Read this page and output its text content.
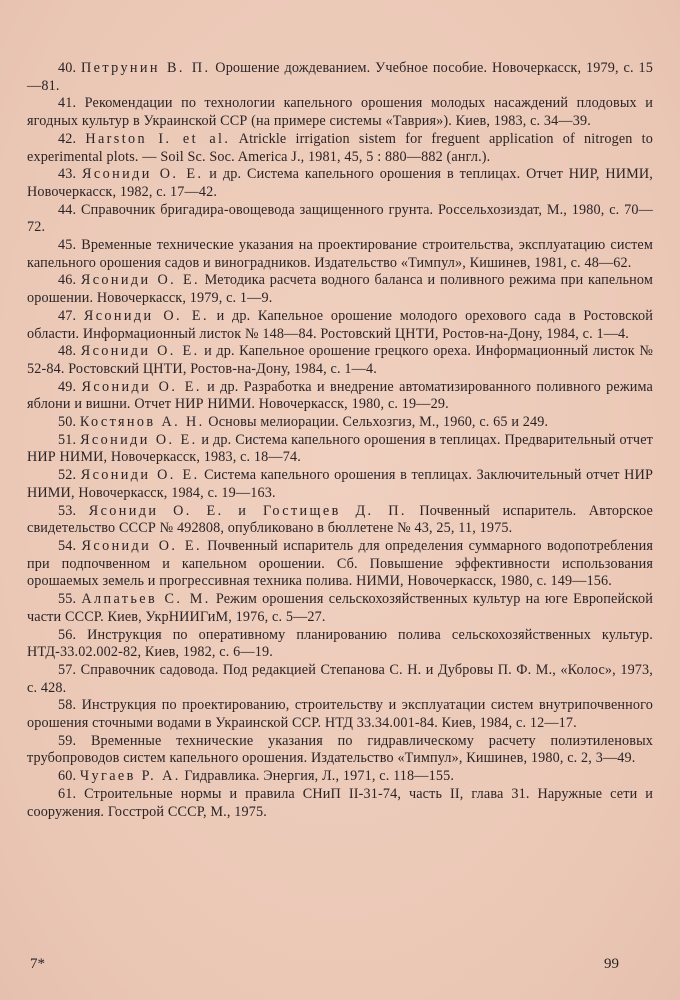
40. Петрунин В. П. Орошение дождеванием. Учебное пособие. Новочеркасск, 1979, с. 15—81.

41. Рекомендации по технологии капельного орошения молодых насаждений плодовых и ягодных культур в Украинской ССР (на примере системы «Таврия»). Киев, 1983, с. 34—39.

42. Harston I. et al. Atrickle irrigation sistem for freguent application of nitrogen to experimental plots. — Soil Sc. Soc. America J., 1981, 45, 5 : 880—882 (англ.).

43. Ясониди О. Е. и др. Система капельного орошения в теплицах. Отчет НИР, НИМИ, Новочеркасск, 1982, с. 17—42.

44. Справочник бригадира-овощевода защищенного грунта. Россельхозиздат, М., 1980, с. 70—72.

45. Временные технические указания на проектирование строительства, эксплуатацию систем капельного орошения садов и виноградников. Издательство «Тимпул», Кишинев, 1981, с. 48—62.

46. Ясониди О. Е. Методика расчета водного баланса и поливного режима при капельном орошении. Новочеркасск, 1979, с. 1—9.

47. Ясониди О. Е. и др. Капельное орошение молодого орехового сада в Ростовской области. Информационный листок № 148—84. Ростовский ЦНТИ, Ростов-на-Дону, 1984, с. 1—4.

48. Ясониди О. Е. и др. Капельное орошение грецкого ореха. Информационный листок № 52-84. Ростовский ЦНТИ, Ростов-на-Дону, 1984, с. 1—4.

49. Ясониди О. Е. и др. Разработка и внедрение автоматизированного поливного режима яблони и вишни. Отчет НИР НИМИ. Новочеркасск, 1980, с. 19—29.

50. Костянов А. Н. Основы мелиорации. Сельхозгиз, М., 1960, с. 65 и 249.

51. Ясониди О. Е. и др. Система капельного орошения в теплицах. Предварительный отчет НИР НИМИ, Новочеркасск, 1983, с. 18—74.

52. Ясониди О. Е. Система капельного орошения в теплицах. Заключительный отчет НИР НИМИ, Новочеркасск, 1984, с. 19—163.

53. Ясониди О. Е. и Гостищев Д. П. Почвенный испаритель. Авторское свидетельство СССР № 492808, опубликовано в бюллетене № 43, 25, 11, 1975.

54. Ясониди О. Е. Почвенный испаритель для определения суммарного водопотребления при подпочвенном и капельном орошении. Сб. Повышение эффективности использования орошаемых земель и прогрессивная техника полива. НИМИ, Новочеркасск, 1980, с. 149—156.

55. Алпатьев С. М. Режим орошения сельскохозяйственных культур на юге Европейской части СССР. Киев, УкрНИИГиМ, 1976, с. 5—27.

56. Инструкция по оперативному планированию полива сельскохозяйственных культур. НТД-33.02.002-82, Киев, 1982, с. 6—19.

57. Справочник садовода. Под редакцией Степанова С. Н. и Дубровы П. Ф. М., «Колос», 1973, с. 428.

58. Инструкция по проектированию, строительству и эксплуатации систем внутрипочвенного орошения сточными водами в Украинской ССР. НТД 33.34.001-84. Киев, 1984, с. 12—17.

59. Временные технические указания по гидравлическому расчету полиэтиленовых трубопроводов систем капельного орошения. Издательство «Тимпул», Кишинев, 1980, с. 2, 3—49.

60. Чугаев Р. А. Гидравлика. Энергия, Л., 1971, с. 118—155.

61. Строительные нормы и правила СНиП II-31-74, часть II, глава 31. Наружные сети и сооружения. Госстрой СССР, М., 1975.

7*	99
